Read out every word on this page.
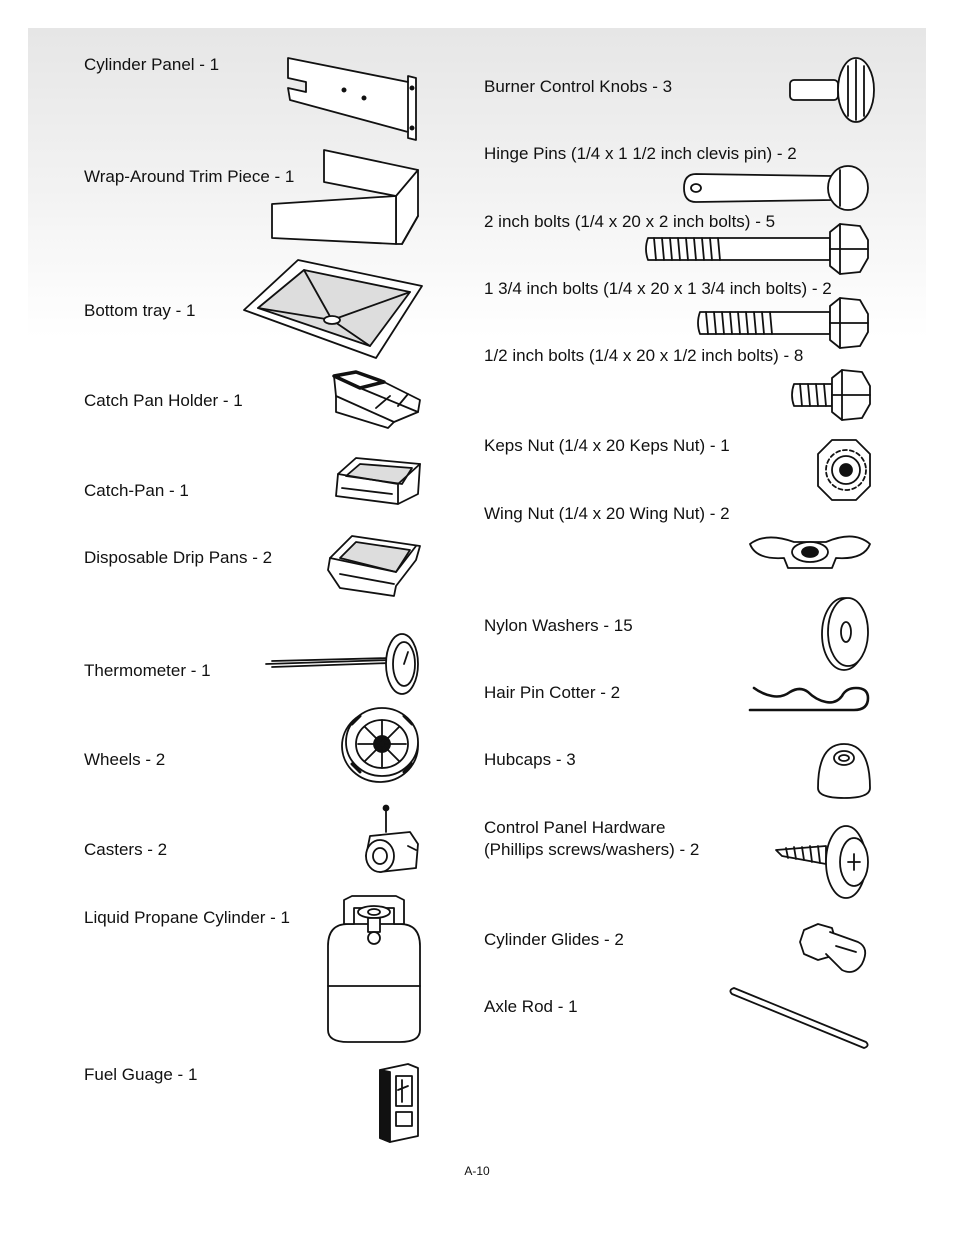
Cylinder Panel - 1
Wrap-Around Trim Piece - 1
Bottom tray - 1
Catch Pan Holder - 1
Catch-Pan - 1
Disposable Drip Pans - 2
Thermometer - 1
Wheels - 2
Casters - 2
Liquid Propane Cylinder - 1
Fuel Guage - 1
Burner Control Knobs - 3
Hinge Pins (1/4 x 1 1/2 inch clevis pin) - 2
2 inch bolts (1/4 x 20 x 2 inch bolts) - 5
1 3/4 inch bolts (1/4 x 20 x 1 3/4 inch bolts) - 2
1/2 inch bolts (1/4 x 20 x 1/2 inch bolts) - 8
Keps Nut (1/4 x 20 Keps Nut) - 1
Wing Nut (1/4 x 20 Wing Nut) - 2
Nylon Washers - 15
Hair Pin Cotter - 2
Hubcaps - 3
Control Panel Hardware
(Phillips screws/washers) - 2
Cylinder Glides - 2
Axle Rod - 1
A-10
